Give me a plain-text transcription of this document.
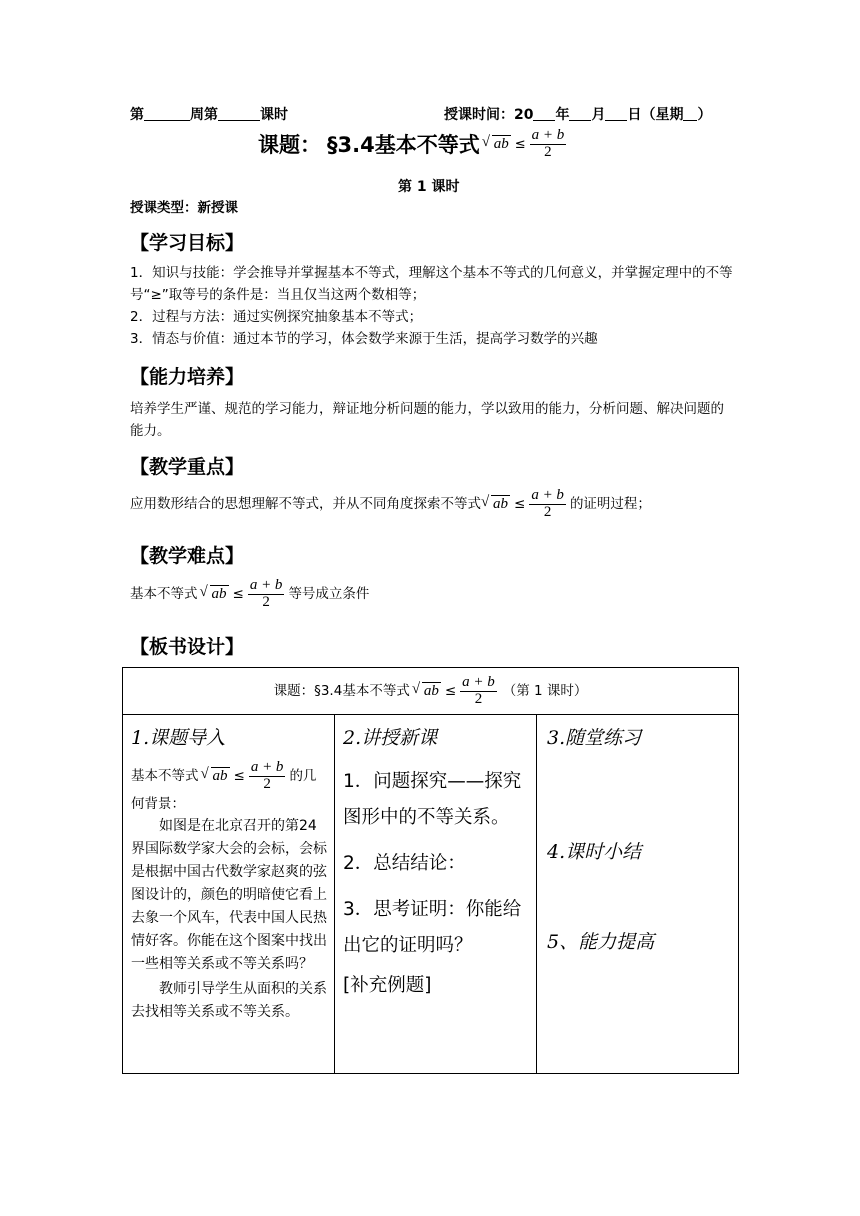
第	周第	课时	授课时间：20 年 月 日（星期 ）
课题： §3.4基本不等式 √ ab ≤ $\frac{a + b}{2}$
第 1 课时
授课类型：新授课
【学习目标】
1．知识与技能：学会推导并掌握基本不等式，理解这个基本不等式的几何意义，并掌握定理中的不等号“≥”取等号的条件是：当且仅当这两个数相等；
2．过程与方法：通过实例探究抽象基本不等式；
3．情态与价值：通过本节的学习，体会数学来源于生活，提高学习数学的兴趣
【能力培养】
培养学生严谨、规范的学习能力，辩证地分析问题的能力，学以致用的能力，分析问题、解决问题的能力。
【教学重点】
应用数形结合的思想理解不等式，并从不同角度探索不等式 √ ab ≤ $\frac{a + b}{2}$ 的证明过程；
【教学难点】
基本不等式 √ ab ≤ $\frac{a + b}{2}$ 等号成立条件
【板书设计】
课题：§3.4基本不等式 √ ab ≤ $\frac{a + b}{2}$ （第 1 课时）

1.课题导入
基本不等式 √ ab ≤ $\frac{a + b}{2}$ 的几
何背景：
如图是在北京召开的第24界国际数学家大会的会标，会标是根据中国古代数学家赵爽的弦图设计的，颜色的明暗使它看上去象一个风车，代表中国人民热情好客。你能在这个图案中找出一些相等关系或不等关系吗？
教师引导学生从面积的关系去找相等关系或不等关系。

2.讲授新课
1．问题探究——探究图形中的不等关系。
2．总结结论：
3．思考证明：你能给出它的证明吗？
[补充例题]

3.随堂练习
4.课时小结
5、能力提高
